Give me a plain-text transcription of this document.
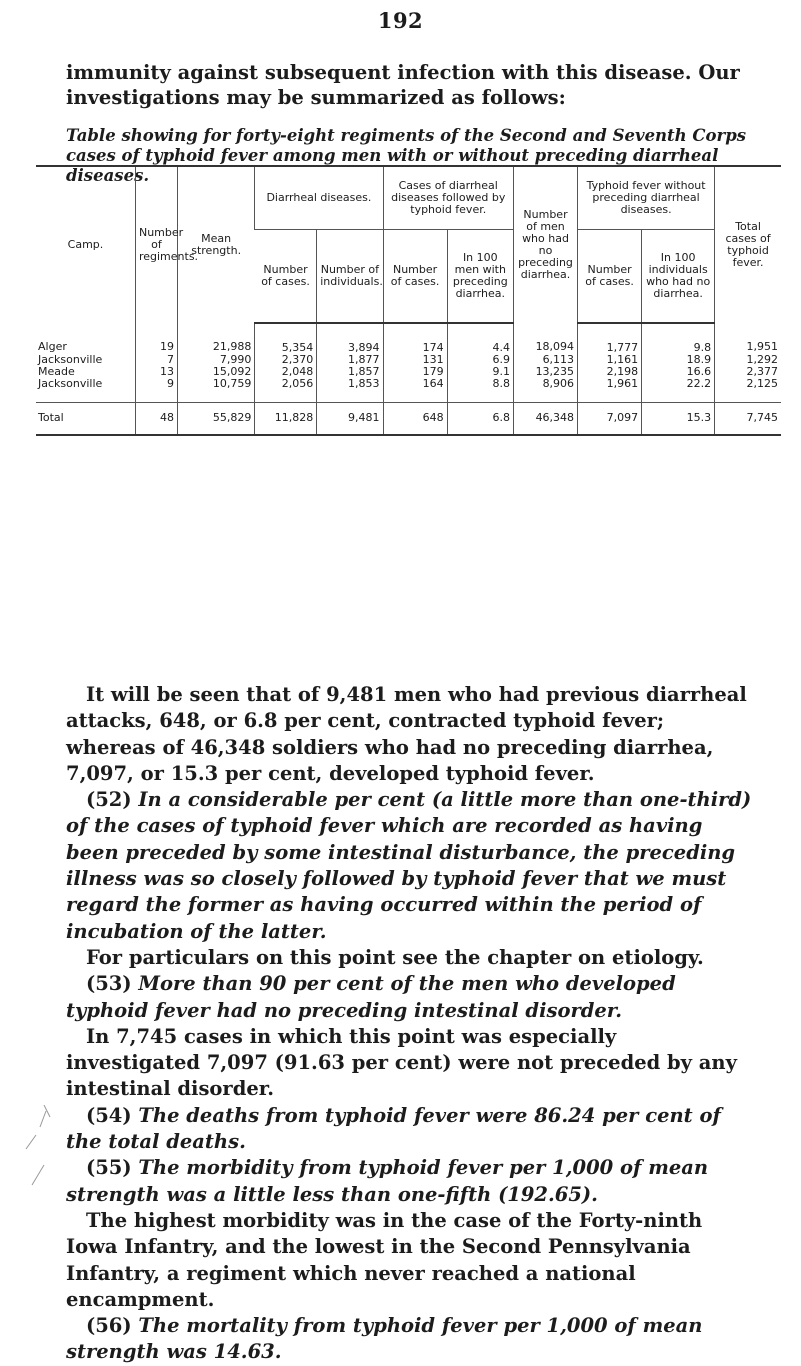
192
immunity against subsequent infection with this disease. Our investigations may be summarized as follows:
Table showing for forty-eight regiments of the Second and Seventh Corps cases of typhoid fever among men with or without preceding diarrheal diseases.
Camp.	Number of regiments.	Mean strength.	Diarrheal diseases.		Cases of diarrheal diseases followed by typhoid fever.		Number of men who had no preceding diarrhea.	Typhoid fever without preceding diarrheal diseases.		Total cases of typhoid fever.
			Number of cases.	Number of individuals.	Number of cases.	In 100 men with preceding diarrhea.		Number of cases.	In 100 individuals who had no diarrhea.	
Alger	19	21,988	5,354	3,894	174	4.4	18,094	1,777	9.8	1,951
Jacksonville	7	7,990	2,370	1,877	131	6.9	6,113	1,161	18.9	1,292
Meade	13	15,092	2,048	1,857	179	9.1	13,235	2,198	16.6	2,377
Jacksonville	9	10,759	2,056	1,853	164	8.8	8,906	1,961	22.2	2,125
Total	48	55,829	11,828	9,481	648	6.8	46,348	7,097	15.3	7,745

It will be seen that of 9,481 men who had previous diarrheal attacks, 648, or 6.8 per cent, contracted typhoid fever; whereas of 46,348 soldiers who had no preceding diarrhea, 7,097, or 15.3 per cent, developed typhoid fever.

(52) In a considerable per cent (a little more than one-third) of the cases of typhoid fever which are recorded as having been preceded by some intestinal disturbance, the preceding illness was so closely followed by typhoid fever that we must regard the former as having occurred within the period of incubation of the latter.

For particulars on this point see the chapter on etiology.

(53) More than 90 per cent of the men who developed typhoid fever had no preceding intestinal disorder.

In 7,745 cases in which this point was especially investigated 7,097 (91.63 per cent) were not preceded by any intestinal disorder.

(54) The deaths from typhoid fever were 86.24 per cent of the total deaths.

(55) The morbidity from typhoid fever per 1,000 of mean strength was a little less than one-fifth (192.65).

The highest morbidity was in the case of the Forty-ninth Iowa Infantry, and the lowest in the Second Pennsylvania Infantry, a regiment which never reached a national encampment.

(56) The mortality from typhoid fever per 1,000 of mean strength was 14.63.
